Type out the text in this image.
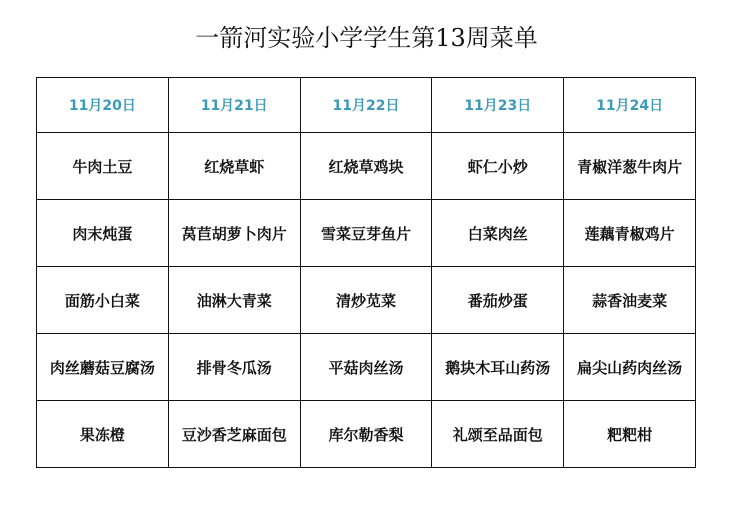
一箭河实验小学学生第13周菜单
11月20日	11月21日	11月22日	11月23日	11月24日
牛肉土豆	红烧草虾	红烧草鸡块	虾仁小炒	青椒洋葱牛肉片
肉末炖蛋	莴苣胡萝卜肉片	雪菜豆芽鱼片	白菜肉丝	莲藕青椒鸡片
面筋小白菜	油淋大青菜	清炒苋菜	番茄炒蛋	蒜香油麦菜
肉丝蘑菇豆腐汤	排骨冬瓜汤	平菇肉丝汤	鹅块木耳山药汤	扁尖山药肉丝汤
果冻橙	豆沙香芝麻面包	库尔勒香梨	礼颂至品面包	粑粑柑
